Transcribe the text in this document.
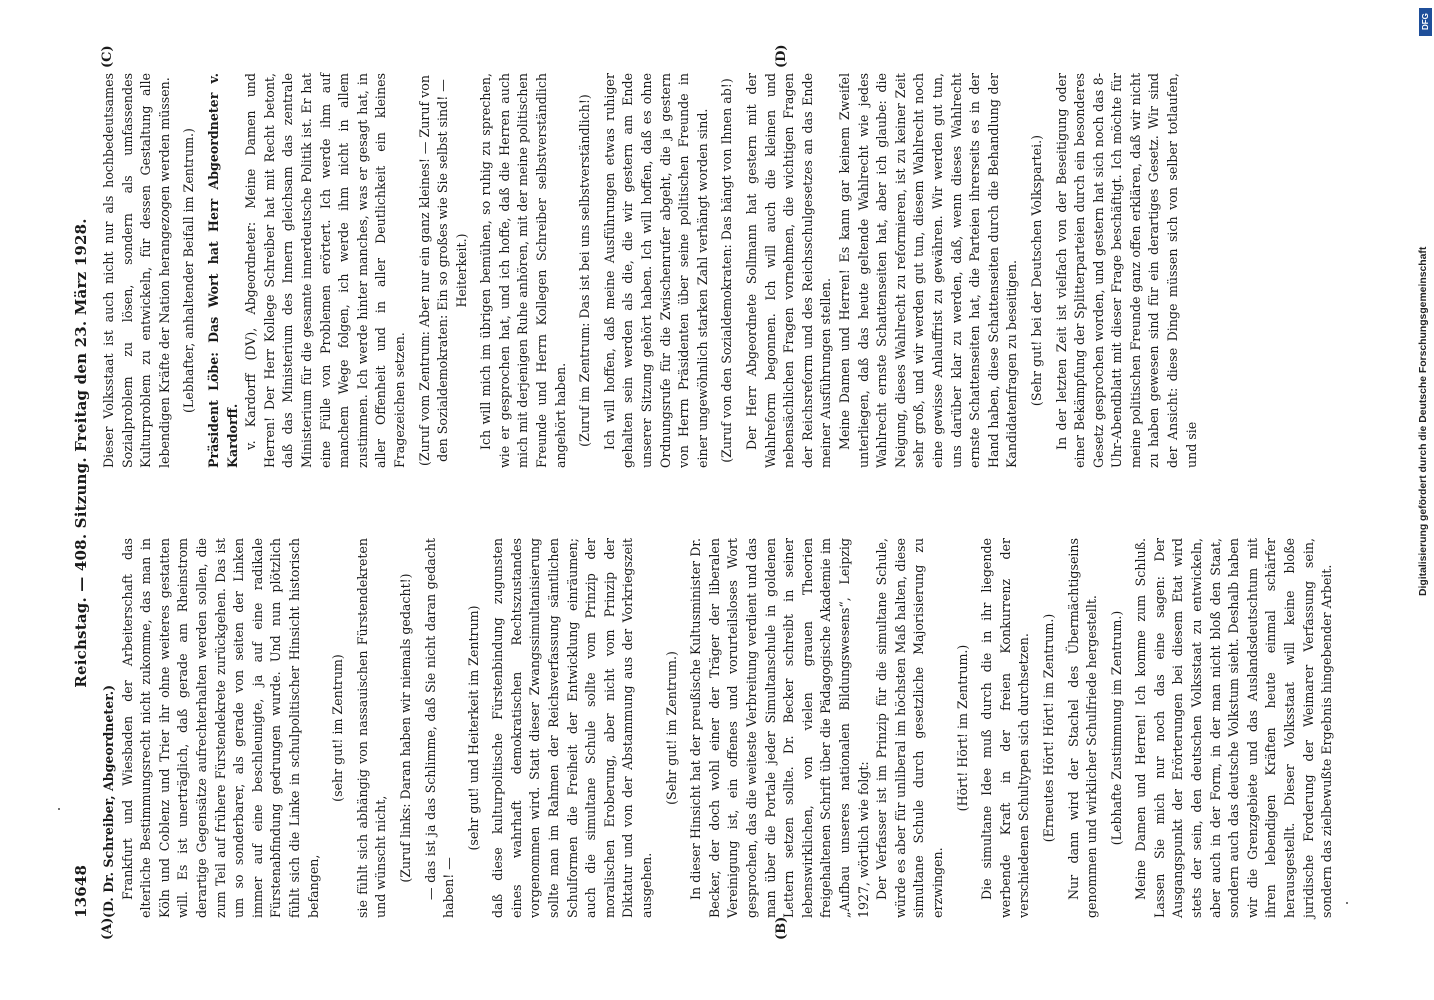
13648
Reichstag. — 408. Sitzung. Freitag den 23. März 1928.

(D. Dr. Schreiber, Abgeordneter.) Frankfurt und Wiesbaden der Arbeiterschaft das elterliche Bestimmungsrecht nicht zukomme, das man in Köln und Coblenz und Trier ihr ohne weiteres gestatten will. Es ist unerträglich, daß gerade am Rheinstrom derartige Gegensätze aufrechterhalten werden sollen, die zum Teil auf frühere Fürstendekrete zurückgehen. Das ist um so sonderbarer, als gerade von seiten der Linken immer auf eine beschleunigte, ja auf eine radikale Fürstenabfindung gedrungen wurde. Und nun plötzlich fühlt sich die Linke in schulpolitischer Hinsicht historisch befangen,

(sehr gut! im Zentrum) sie fühlt sich abhängig von nassauischen Fürstendekreten und wünscht nicht, (Zuruf links: Daran haben wir niemals gedacht!) — das ist ja das Schlimme, daß Sie nicht daran gedacht haben! —

(sehr gut! und Heiterkeit im Zentrum) daß diese kulturpolitische Fürstenbindung zugunsten eines wahrhaft demokratischen Rechtszustandes vorgenommen wird. Statt dieser Zwangssimultanisierung sollte man im Rahmen der Reichsverfassung sämtlichen Schulformen die Freiheit der Entwicklung einräumen; auch die simultane Schule sollte vom Prinzip der moralischen Eroberung, aber nicht vom Prinzip der Diktatur und von der Abstammung aus der Vorkriegszeit ausgehen.

(Sehr gut! im Zentrum.) In dieser Hinsicht hat der preußische Kultusminister Dr. Becker, der doch wohl einer der Träger der liberalen Vereinigung ist, ein offenes und vorurteilsloses Wort gesprochen, das die weiteste Verbreitung verdient und das man über die Portale jeder Simultanschule in goldenen Lettern setzen sollte. Dr. Becker schreibt in seiner lebenswirklichen, von vielen grauen Theorien freigehaltenen Schrift über die Pädagogische Akademie im „Aufbau unseres nationalen Bildungswesens“, Leipzig 1927, wörtlich wie folgt: Der Verfasser ist im Prinzip für die simultane Schule, würde es aber für unliberal im höchsten Maß halten, diese simultane Schule durch gesetzliche Majorisierung zu erzwingen.

(Hört! Hört! im Zentrum.) Die simultane Idee muß durch die in ihr liegende werbende Kraft in der freien Konkurrenz der verschiedenen Schultypen sich durchsetzen. (Erneutes Hört! Hört! im Zentrum.) Nur dann wird der Stachel des Übermächtigseins genommen und wirklicher Schulfriede hergestellt. (Lebhafte Zustimmung im Zentrum.) Meine Damen und Herren! Ich komme zum Schluß. Lassen Sie mich nur noch das eine sagen: Der Ausgangspunkt der Erörterungen bei diesem Etat wird stets der sein, den deutschen Volksstaat zu entwickeln, aber auch in der Form, in der man nicht bloß den Staat, sondern auch das deutsche Volkstum sieht. Deshalb haben wir die Grenzgebiete und das Auslandsdeutschtum mit ihren lebendigen Kräften heute einmal schärfer herausgestellt. Dieser Volksstaat will keine bloße juridische Forderung der Weimarer Verfassung sein, sondern das zielbewußte Ergebnis hingebender Arbeit.

Dieser Volksstaat ist auch nicht nur als hochbedeutsames Sozialproblem zu lösen, sondern als umfassendes Kulturproblem zu entwickeln, für dessen Gestaltung alle lebendigen Kräfte der Nation herangezogen werden müssen. (Lebhafter, anhaltender Beifall im Zentrum.) Präsident Löbe: Das Wort hat Herr Abgeordneter v. Kardorff. v. Kardorff (DV), Abgeordneter: Meine Damen und Herren! Der Herr Kollege Schreiber hat mit Recht betont, daß das Ministerium des Innern gleichsam das zentrale Ministerium für die gesamte innerdeutsche Politik ist. Er hat eine Fülle von Problemen erörtert. Ich werde ihm auf manchem Wege folgen, ich werde ihm nicht in allem zustimmen. Ich werde hinter manches, was er gesagt hat, in aller Offenheit und in aller Deutlichkeit ein kleines Fragezeichen setzen. (Zuruf vom Zentrum: Aber nur ein ganz kleines! — Zuruf von den Sozialdemokraten: Ein so großes wie Sie selbst sind! — Heiterkeit.) Ich will mich im übrigen bemühen, so ruhig zu sprechen, wie er gesprochen hat, und ich hoffe, daß die Herren auch mich mit derjenigen Ruhe anhören, mit der meine politischen Freunde und Herrn Kollegen Schreiber selbstverständlich angehört haben. (Zuruf im Zentrum: Das ist bei uns selbstverständlich!) Ich will hoffen, daß meine Ausführungen etwas ruhiger gehalten sein werden als die, die wir gestern am Ende unserer Sitzung gehört haben. Ich will hoffen, daß es ohne Ordnungsrufe für die Zwischenrufer abgeht, die ja gestern von Herrn Präsidenten über seine politischen Freunde in einer ungewöhnlich starken Zahl verhängt worden sind. (Zuruf von den Sozialdemokraten: Das hängt von Ihnen ab!) Der Herr Abgeordnete Sollmann hat gestern mit der Wahlreform begonnen. Ich will auch die kleinen und nebensächlichen Fragen vornehmen, die wichtigen Fragen der Reichsreform und des Reichsschulgesetzes an das Ende meiner Ausführungen stellen. Meine Damen und Herren! Es kann gar keinem Zweifel unterliegen, daß das heute geltende Wahlrecht wie jedes Wahlrecht ernste Schattenseiten hat, aber ich glaube: die Neigung, dieses Wahlrecht zu reformieren, ist zu keiner Zeit sehr groß, und wir werden gut tun, diesem Wahlrecht noch eine gewisse Anlauffrist zu gewähren. Wir werden gut tun, uns darüber klar zu werden, daß, wenn dieses Wahlrecht ernste Schattenseiten hat, die Parteien ihrerseits es in der Hand haben, diese Schattenseiten durch die Behandlung der Kandidatenfragen zu beseitigen. (Sehr gut! bei der Deutschen Volkspartei.) In der letzten Zeit ist vielfach von der Beseitigung oder einer Bekämpfung der Splitterparteien durch ein besonderes Gesetz gesprochen worden, und gestern hat sich noch das 8-Uhr-Abendblatt mit dieser Frage beschäftigt. Ich möchte für meine politischen Freunde ganz offen erklären, daß wir nicht zu haben gewesen sind für ein derartiges Gesetz. Wir sind der Ansicht: diese Dinge müssen sich von selber totlaufen, und sie

(A)	(B)
(C)	(D)
DFG
Digitalisierung gefördert durch die Deutsche Forschungsgemeinschaft
